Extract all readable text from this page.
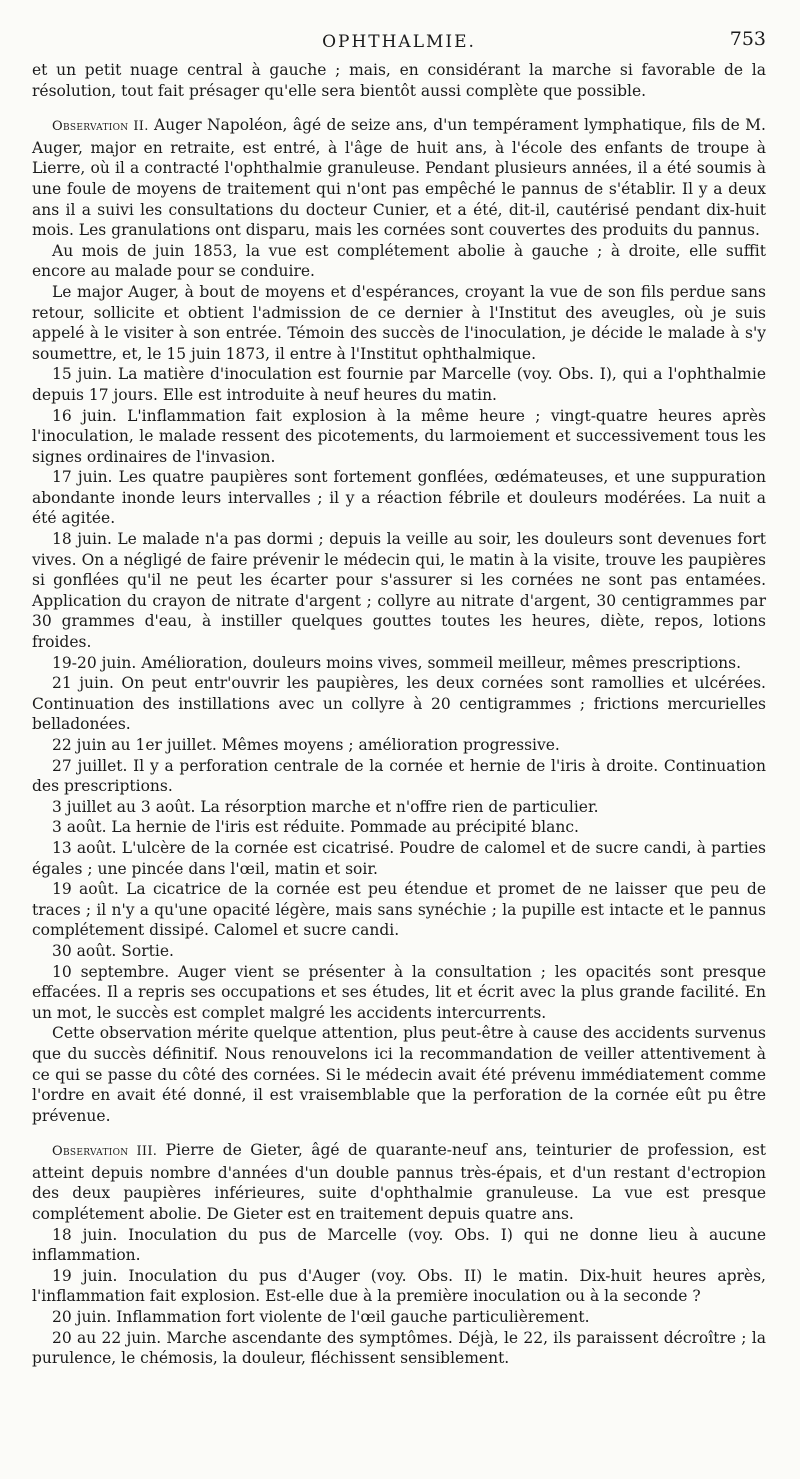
OPHTHALMIE.	753

et un petit nuage central à gauche ; mais, en considérant la marche si favorable de la résolution, tout fait présager qu'elle sera bientôt aussi complète que possible.

Observation II. Auger Napoléon, âgé de seize ans, d'un tempérament lymphatique, fils de M. Auger, major en retraite, est entré, à l'âge de huit ans, à l'école des enfants de troupe à Lierre, où il a contracté l'ophthalmie granuleuse. Pendant plusieurs années, il a été soumis à une foule de moyens de traitement qui n'ont pas empêché le pannus de s'établir. Il y a deux ans il a suivi les consultations du docteur Cunier, et a été, dit-il, cautérisé pendant dix-huit mois. Les granulations ont disparu, mais les cornées sont couvertes des produits du pannus.

Au mois de juin 1853, la vue est complétement abolie à gauche ; à droite, elle suffit encore au malade pour se conduire.

Le major Auger, à bout de moyens et d'espérances, croyant la vue de son fils perdue sans retour, sollicite et obtient l'admission de ce dernier à l'Institut des aveugles, où je suis appelé à le visiter à son entrée. Témoin des succès de l'inoculation, je décide le malade à s'y soumettre, et, le 15 juin 1873, il entre à l'Institut ophthalmique.

15 juin. La matière d'inoculation est fournie par Marcelle (voy. Obs. I), qui a l'ophthalmie depuis 17 jours. Elle est introduite à neuf heures du matin.

16 juin. L'inflammation fait explosion à la même heure ; vingt-quatre heures après l'inoculation, le malade ressent des picotements, du larmoiement et successivement tous les signes ordinaires de l'invasion.

17 juin. Les quatre paupières sont fortement gonflées, œdémateuses, et une suppuration abondante inonde leurs intervalles ; il y a réaction fébrile et douleurs modérées. La nuit a été agitée.

18 juin. Le malade n'a pas dormi ; depuis la veille au soir, les douleurs sont devenues fort vives. On a négligé de faire prévenir le médecin qui, le matin à la visite, trouve les paupières si gonflées qu'il ne peut les écarter pour s'assurer si les cornées ne sont pas entamées. Application du crayon de nitrate d'argent ; collyre au nitrate d'argent, 30 centigrammes par 30 grammes d'eau, à instiller quelques gouttes toutes les heures, diète, repos, lotions froides.

19-20 juin. Amélioration, douleurs moins vives, sommeil meilleur, mêmes prescriptions.

21 juin. On peut entr'ouvrir les paupières, les deux cornées sont ramollies et ulcérées. Continuation des instillations avec un collyre à 20 centigrammes ; frictions mercurielles belladonées.

22 juin au 1er juillet. Mêmes moyens ; amélioration progressive.

27 juillet. Il y a perforation centrale de la cornée et hernie de l'iris à droite. Continuation des prescriptions.

3 juillet au 3 août. La résorption marche et n'offre rien de particulier.

3 août. La hernie de l'iris est réduite. Pommade au précipité blanc.

13 août. L'ulcère de la cornée est cicatrisé. Poudre de calomel et de sucre candi, à parties égales ; une pincée dans l'œil, matin et soir.

19 août. La cicatrice de la cornée est peu étendue et promet de ne laisser que peu de traces ; il n'y a qu'une opacité légère, mais sans synéchie ; la pupille est intacte et le pannus complétement dissipé. Calomel et sucre candi.

30 août. Sortie.

10 septembre. Auger vient se présenter à la consultation ; les opacités sont presque effacées. Il a repris ses occupations et ses études, lit et écrit avec la plus grande facilité. En un mot, le succès est complet malgré les accidents intercurrents.

Cette observation mérite quelque attention, plus peut-être à cause des accidents survenus que du succès définitif. Nous renouvelons ici la recommandation de veiller attentivement à ce qui se passe du côté des cornées. Si le médecin avait été prévenu immédiatement comme l'ordre en avait été donné, il est vraisemblable que la perforation de la cornée eût pu être prévenue.

Observation III. Pierre de Gieter, âgé de quarante-neuf ans, teinturier de profession, est atteint depuis nombre d'années d'un double pannus très-épais, et d'un restant d'ectropion des deux paupières inférieures, suite d'ophthalmie granuleuse. La vue est presque complétement abolie. De Gieter est en traitement depuis quatre ans.

18 juin. Inoculation du pus de Marcelle (voy. Obs. I) qui ne donne lieu à aucune inflammation.

19 juin. Inoculation du pus d'Auger (voy. Obs. II) le matin. Dix-huit heures après, l'inflammation fait explosion. Est-elle due à la première inoculation ou à la seconde ?

20 juin. Inflammation fort violente de l'œil gauche particulièrement.

20 au 22 juin. Marche ascendante des symptômes. Déjà, le 22, ils paraissent décroître ; la purulence, le chémosis, la douleur, fléchissent sensiblement.
